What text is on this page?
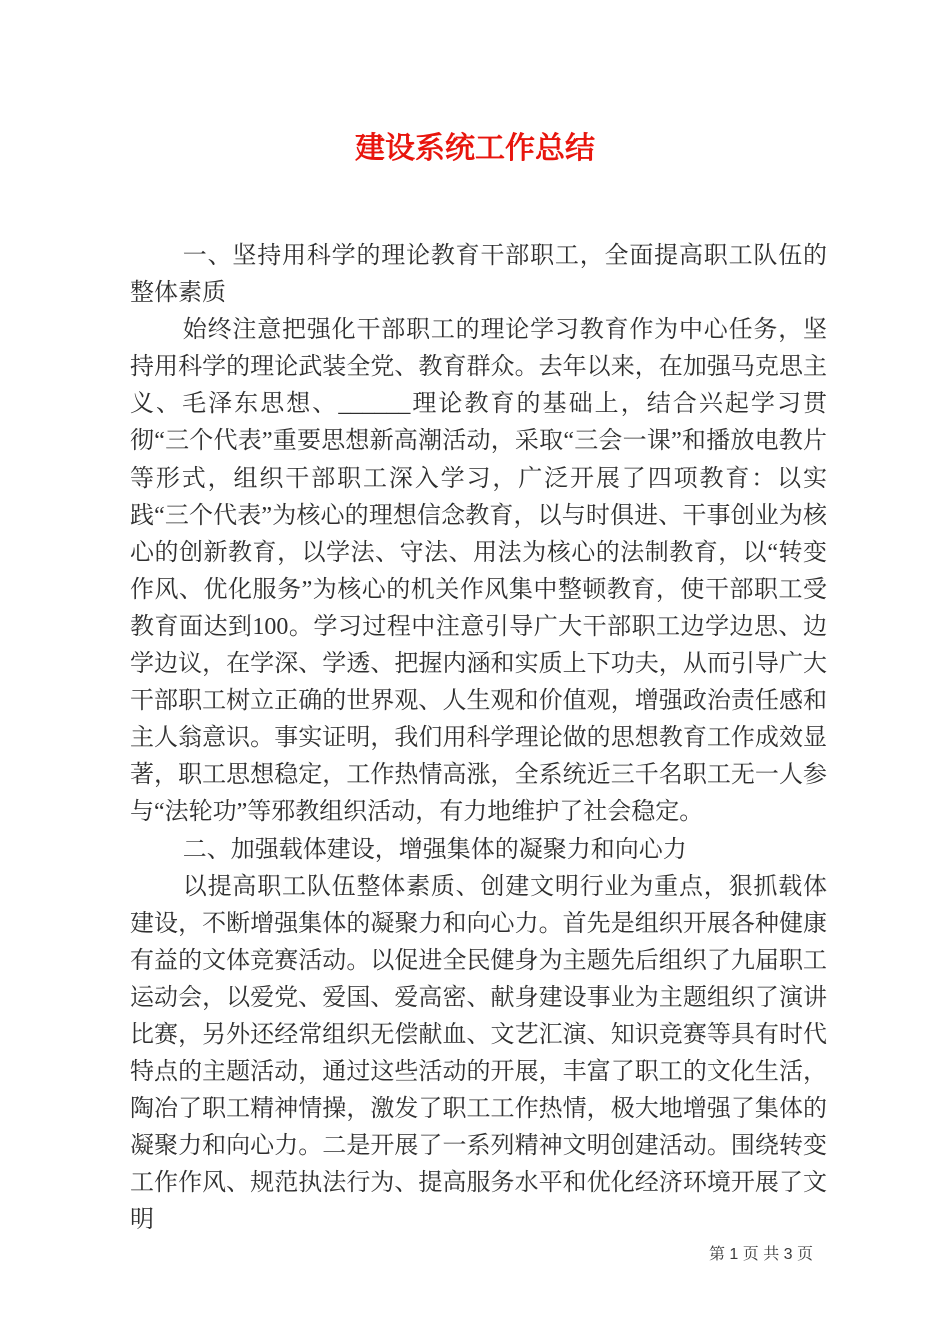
建设系统工作总结

一、坚持用科学的理论教育干部职工，全面提高职工队伍的整体素质

始终注意把强化干部职工的理论学习教育作为中心任务，坚持用科学的理论武装全党、教育群众。去年以来，在加强马克思主义、毛泽东思想、______理论教育的基础上，结合兴起学习贯彻“三个代表”重要思想新高潮活动，采取“三会一课”和播放电教片等形式，组织干部职工深入学习，广泛开展了四项教育：以实践“三个代表”为核心的理想信念教育，以与时俱进、干事创业为核心的创新教育，以学法、守法、用法为核心的法制教育，以“转变作风、优化服务”为核心的机关作风集中整顿教育，使干部职工受教育面达到100。学习过程中注意引导广大干部职工边学边思、边学边议，在学深、学透、把握内涵和实质上下功夫，从而引导广大干部职工树立正确的世界观、人生观和价值观，增强政治责任感和主人翁意识。事实证明，我们用科学理论做的思想教育工作成效显著，职工思想稳定，工作热情高涨，全系统近三千名职工无一人参与“法轮功”等邪教组织活动，有力地维护了社会稳定。

二、加强载体建设，增强集体的凝聚力和向心力

以提高职工队伍整体素质、创建文明行业为重点，狠抓载体建设，不断增强集体的凝聚力和向心力。首先是组织开展各种健康有益的文体竞赛活动。以促进全民健身为主题先后组织了九届职工运动会，以爱党、爱国、爱高密、献身建设事业为主题组织了演讲比赛，另外还经常组织无偿献血、文艺汇演、知识竞赛等具有时代特点的主题活动，通过这些活动的开展，丰富了职工的文化生活，陶冶了职工精神情操，激发了职工工作热情，极大地增强了集体的凝聚力和向心力。二是开展了一系列精神文明创建活动。围绕转变工作作风、规范执法行为、提高服务水平和优化经济环境开展了文明

第 1 页 共 3 页
